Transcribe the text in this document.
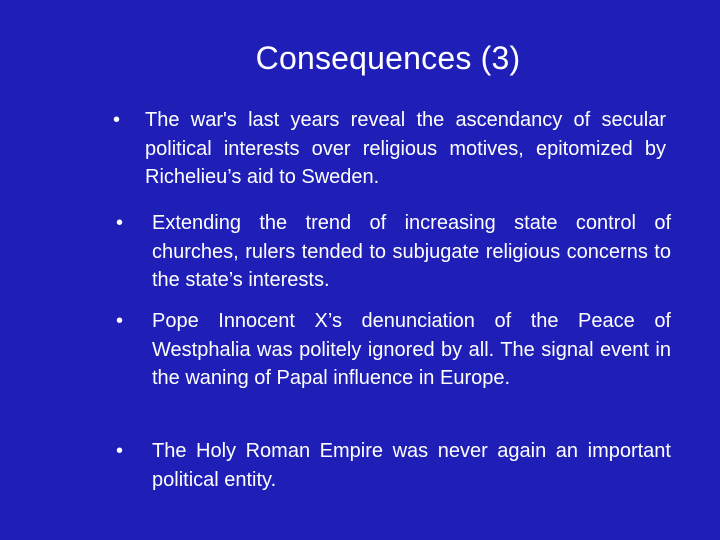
Consequences (3)
•	The war's last years reveal the ascendancy of secular political interests over religious motives, epitomized by Richelieu’s aid to Sweden.
•	Extending the trend of increasing state control of churches, rulers tended to subjugate religious concerns to the state’s interests.
•	Pope Innocent X’s denunciation of the Peace of Westphalia was politely ignored by all. The signal event in the waning of Papal influence in Europe.
•	The Holy Roman Empire was never again an important political entity.
